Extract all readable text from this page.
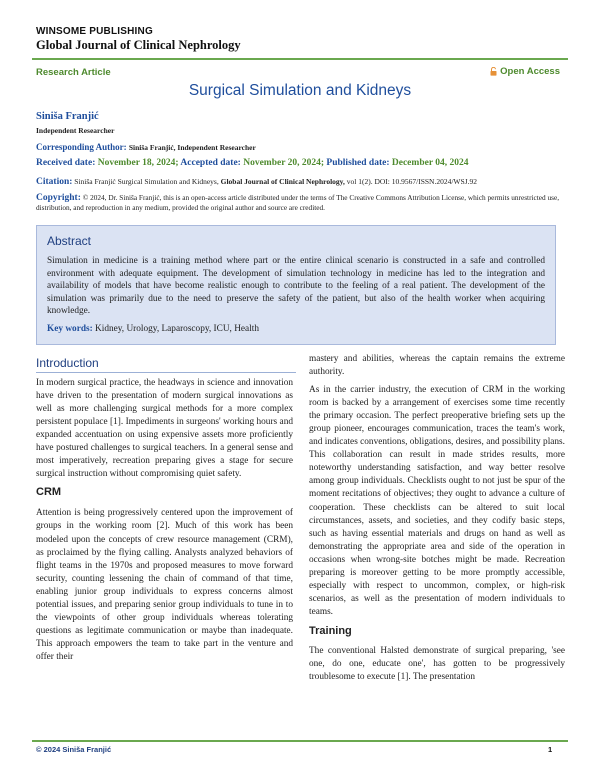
WINSOME PUBLISHING
Global Journal of Clinical Nephrology
Research Article	Open Access
Surgical Simulation and Kidneys
Siniša Franjić
Independent Researcher
Corresponding Author: Siniša Franjić, Independent Researcher
Received date: November 18, 2024; Accepted date: November 20, 2024; Published date: December 04, 2024
Citation: Siniša Franjić Surgical Simulation and Kidneys, Global Journal of Clinical Nephrology, vol 1(2). DOI: 10.9567/ISSN.2024/WSJ.92
Copyright: © 2024, Dr. Siniša Franjić, this is an open-access article distributed under the terms of The Creative Commons Attribution License, which permits unrestricted use, distribution, and reproduction in any medium, provided the original author and source are credited.
Abstract

Simulation in medicine is a training method where part or the entire clinical scenario is constructed in a safe and controlled environment with adequate equipment. The development of simulation technology in medicine has led to the integration and availability of models that have become realistic enough to contribute to the feeling of a real patient. The development of the simulation was primarily due to the need to preserve the safety of the patient, but also of the health worker when acquiring knowledge.

Key words: Kidney, Urology, Laparoscopy, ICU, Health
Introduction

In modern surgical practice, the headways in science and innovation have driven to the presentation of modern surgical innovations as well as more challenging surgical methods for a more complex persistent populace [1]. Impediments in surgeons' working hours and expanded accentuation on using expensive assets more proficiently have postured challenges to surgical teachers. In a general sense and most imperatively, recreation preparing gives a stage for secure surgical instruction without compromising quiet safety.

CRM

Attention is being progressively centered upon the improvement of groups in the working room [2]. Much of this work has been modeled upon the concepts of crew resource management (CRM), as proclaimed by the flying calling. Analysts analyzed behaviors of flight teams in the 1970s and proposed measures to move forward security, counting lessening the chain of command of that time, enabling junior group individuals to express concerns almost potential issues, and preparing senior group individuals to tune in to the viewpoints of other group individuals whereas tolerating questions as legitimate communication or maybe than inadequate. This approach empowers the team to take part in the venture and offer their

mastery and abilities, whereas the captain remains the extreme authority.

As in the carrier industry, the execution of CRM in the working room is backed by a arrangement of exercises some time recently the primary occasion. The perfect preoperative briefing sets up the group pioneer, encourages communication, traces the team's work, and indicates conventions, obligations, desires, and possibility plans. This collaboration can result in made strides results, more noteworthy understanding satisfaction, and way better resolve among group individuals. Checklists ought to not just be spur of the moment recitations of objectives; they ought to advance a culture of cooperation. These checklists can be altered to suit local circumstances, assets, and societies, and they codify basic steps, such as having essential materials and drugs on hand as well as demonstrating the appropriate area and side of the operation in occasions when wrong-site botches might be made. Recreation preparing is moreover getting to be more promptly accessible, especially with respect to uncommon, complex, or high-risk scenarios, as well as the presentation of modern individuals to teams.

Training

The conventional Halsted demonstrate of surgical preparing, 'see one, do one, educate one', has gotten to be progressively troublesome to execute [1]. The presentation

© 2024 Siniša Franjić	1
